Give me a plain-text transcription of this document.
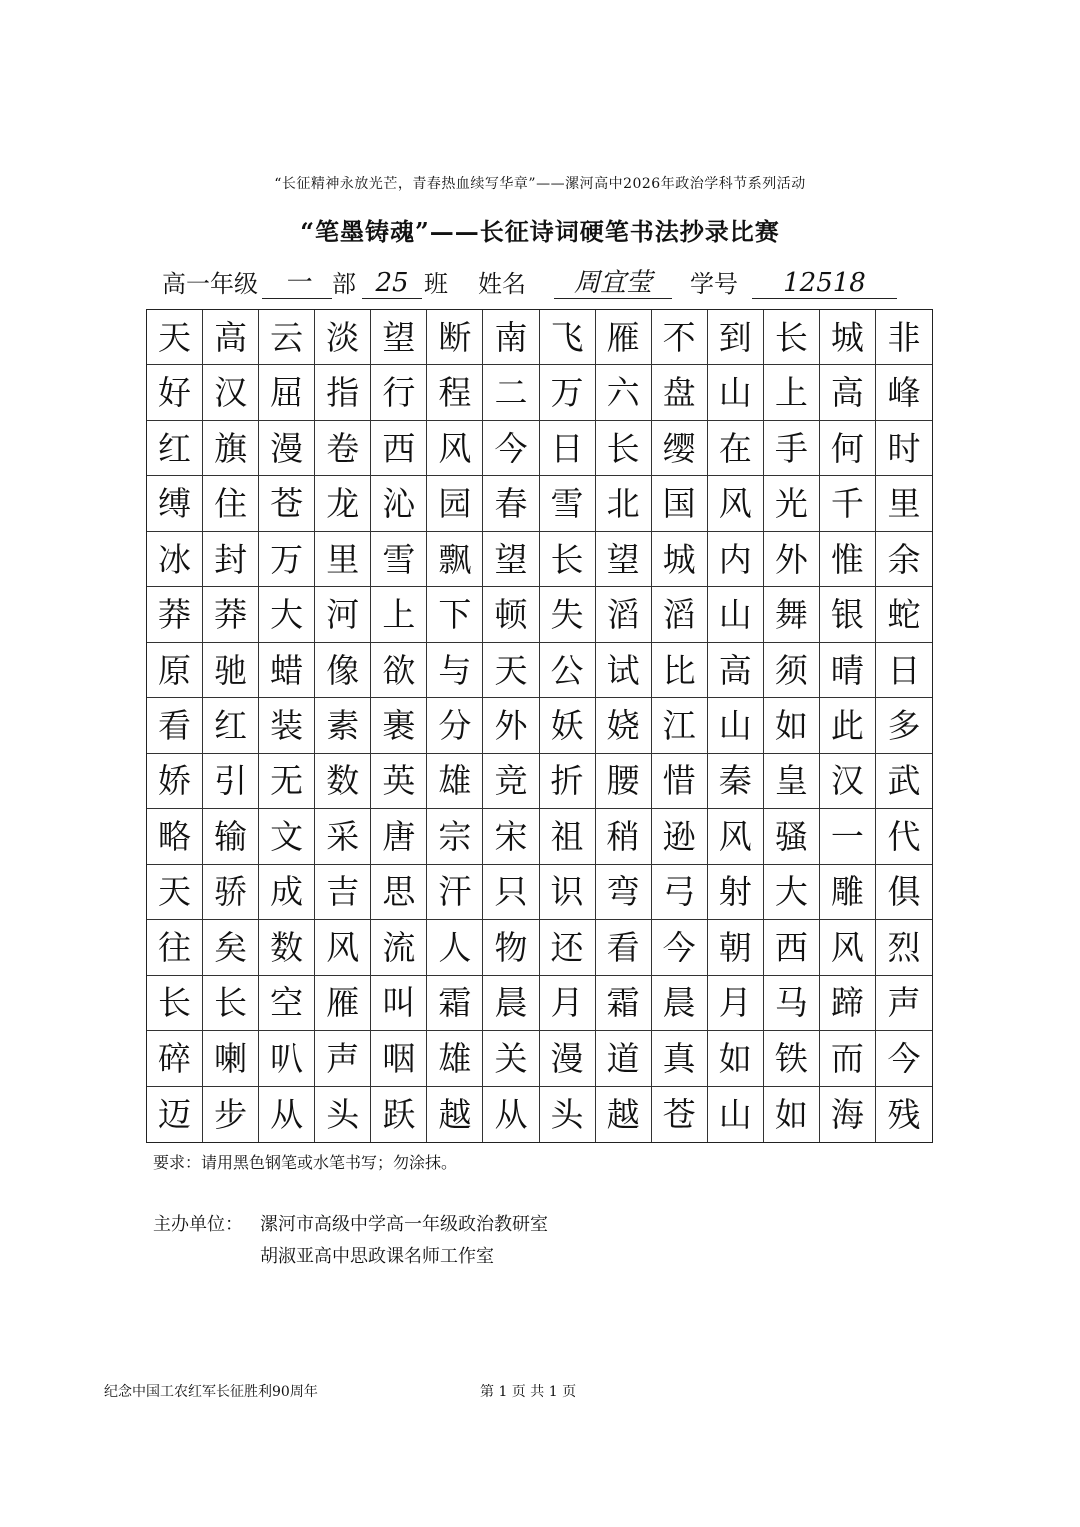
“长征精神永放光芒，青春热血续写华章”——漯河高中2026年政治学科节系列活动
“笔墨铸魂”——长征诗词硬笔书法抄录比赛
高一年级 一 部 25 班 姓名	周宜莹	学号	12518
天 高 云 淡 望 断 南 飞 雁 不 到 长 城 非
好 汉 屈 指 行 程 二 万 六 盘 山 上 高 峰
红 旗 漫 卷 西 风 今 日 长 缨 在 手 何 时
缚 住 苍 龙 沁 园 春 雪 北 国 风 光 千 里
冰 封 万 里 雪 飘 望 长 望 城 内 外 惟 余
莽 莽 大 河 上 下 顿 失 滔 滔 山 舞 银 蛇
原 驰 蜡 像 欲 与 天 公 试 比 高 须 晴 日
看 红 装 素 裹 分 外 妖 娆 江 山 如 此 多
娇 引 无 数 英 雄 竞 折 腰 惜 秦 皇 汉 武
略 输 文 采 唐 宗 宋 祖 稍 逊 风 骚 一 代
天 骄 成 吉 思 汗 只 识 弯 弓 射 大 雕 俱
往 矣 数 风 流 人 物 还 看 今 朝 西 风 烈
长 长 空 雁 叫 霜 晨 月 霜 晨 月 马 蹄 声
碎 喇 叭 声 咽 雄 关 漫 道 真 如 铁 而 今
迈 步 从 头 跃 越 从 头 越 苍 山 如 海 残
要求：请用黑色钢笔或水笔书写；勿涂抹。
主办单位： 漯河市高级中学高一年级政治教研室
胡淑亚高中思政课名师工作室
纪念中国工农红军长征胜利90周年	第 1 页 共 1 页
